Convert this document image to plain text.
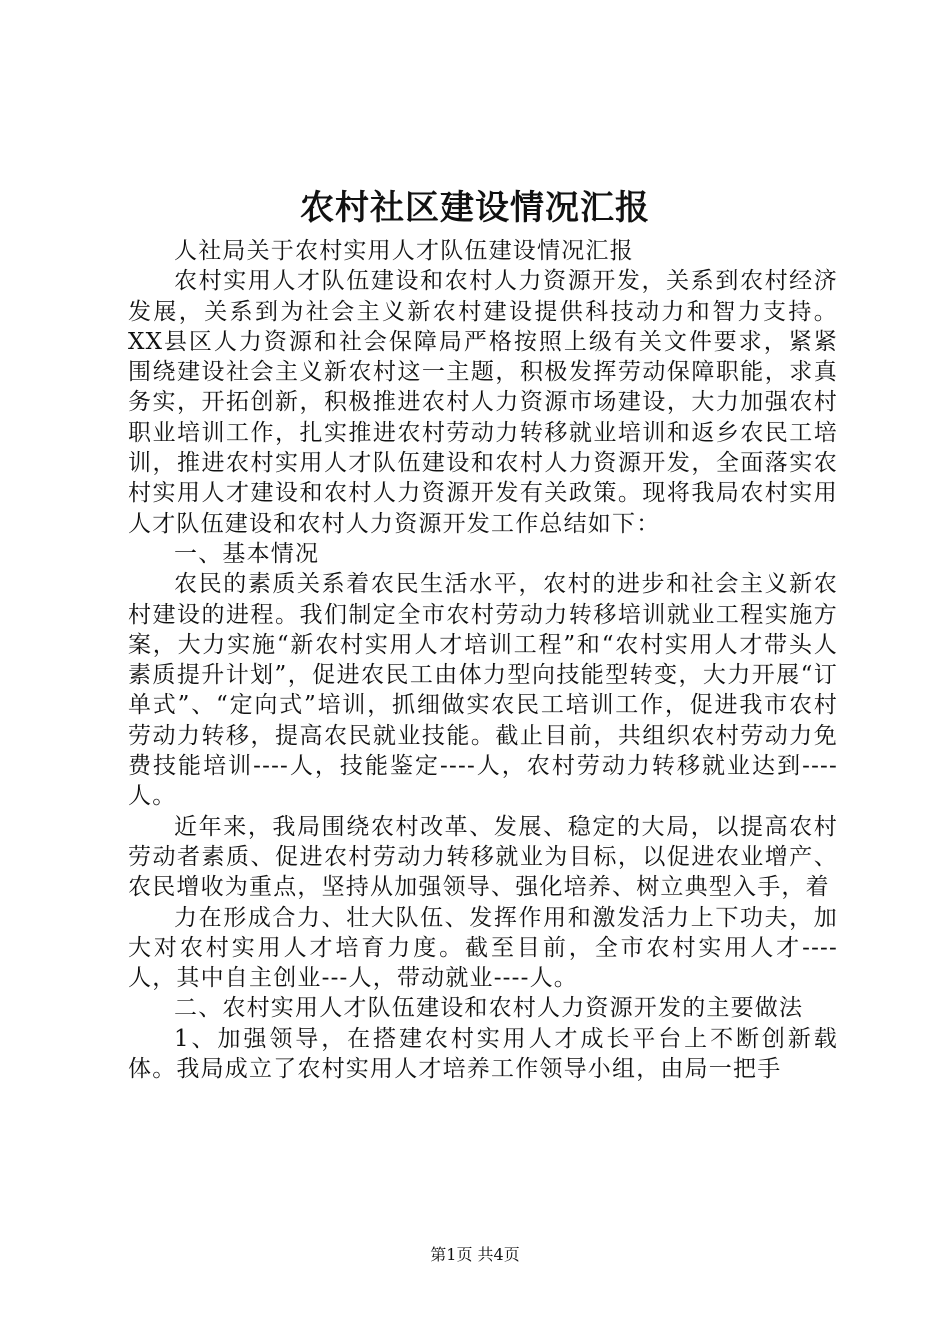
农村社区建设情况汇报

人社局关于农村实用人才队伍建设情况汇报

农村实用人才队伍建设和农村人力资源开发，关系到农村经济发展，关系到为社会主义新农村建设提供科技动力和智力支持。XX县区人力资源和社会保障局严格按照上级有关文件要求，紧紧围绕建设社会主义新农村这一主题，积极发挥劳动保障职能，求真务实，开拓创新，积极推进农村人力资源市场建设，大力加强农村职业培训工作，扎实推进农村劳动力转移就业培训和返乡农民工培训，推进农村实用人才队伍建设和农村人力资源开发，全面落实农村实用人才建设和农村人力资源开发有关政策。现将我局农村实用人才队伍建设和农村人力资源开发工作总结如下：

一、基本情况

农民的素质关系着农民生活水平，农村的进步和社会主义新农村建设的进程。我们制定全市农村劳动力转移培训就业工程实施方案，大力实施“新农村实用人才培训工程”和“农村实用人才带头人素质提升计划”，促进农民工由体力型向技能型转变，大力开展“订单式”、“定向式”培训，抓细做实农民工培训工作，促进我市农村劳动力转移，提高农民就业技能。截止目前，共组织农村劳动力免费技能培训----人，技能鉴定----人，农村劳动力转移就业达到----人。

近年来，我局围绕农村改革、发展、稳定的大局，以提高农村劳动者素质、促进农村劳动力转移就业为目标，以促进农业增产、农民增收为重点，坚持从加强领导、强化培养、树立典型入手，着

力在形成合力、壮大队伍、发挥作用和激发活力上下功夫，加大对农村实用人才培育力度。截至目前，全市农村实用人才----人，其中自主创业---人，带动就业----人。

二、农村实用人才队伍建设和农村人力资源开发的主要做法

1、加强领导，在搭建农村实用人才成长平台上不断创新载体。我局成立了农村实用人才培养工作领导小组，由局一把手

第1页 共4页
